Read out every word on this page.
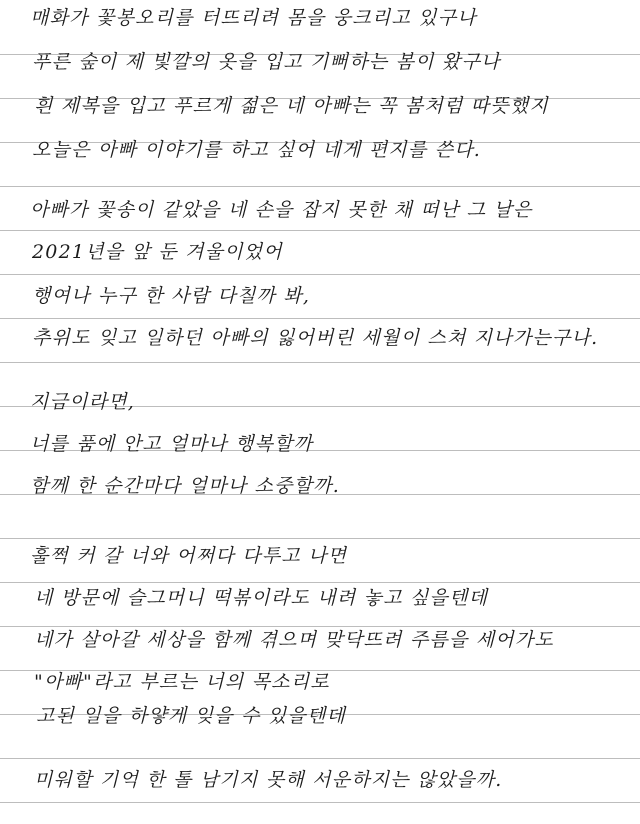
매화가 꽃봉오리를 터뜨리려 몸을 웅크리고 있구나
푸른 숲이 제 빛깔의 옷을 입고 기뻐하는 봄이 왔구나
흰 제복을 입고 푸르게 젊은 네 아빠는 꼭 봄처럼 따뜻했지
오늘은 아빠 이야기를 하고 싶어 네게 편지를 쓴다.
아빠가 꽃송이 같았을 네 손을 잡지 못한 채 떠난 그 날은
2021년을 앞 둔 겨울이었어
행여나 누구 한 사람 다칠까 봐,
추위도 잊고 일하던 아빠의 잃어버린 세월이 스쳐 지나가는구나.
지금이라면,
너를 품에 안고 얼마나 행복할까
함께 한 순간마다 얼마나 소중할까.
훌쩍 커 갈 너와 어쩌다 다투고 나면
네 방문에 슬그머니 떡볶이라도 내려 놓고 싶을텐데
네가 살아갈 세상을 함께 겪으며 맞닥뜨려 주름을 세어가도
"아빠"라고 부르는 너의 목소리로
고된 일을 하얗게 잊을 수 있을텐데
미워할 기억 한 톨 남기지 못해 서운하지는 않았을까.
